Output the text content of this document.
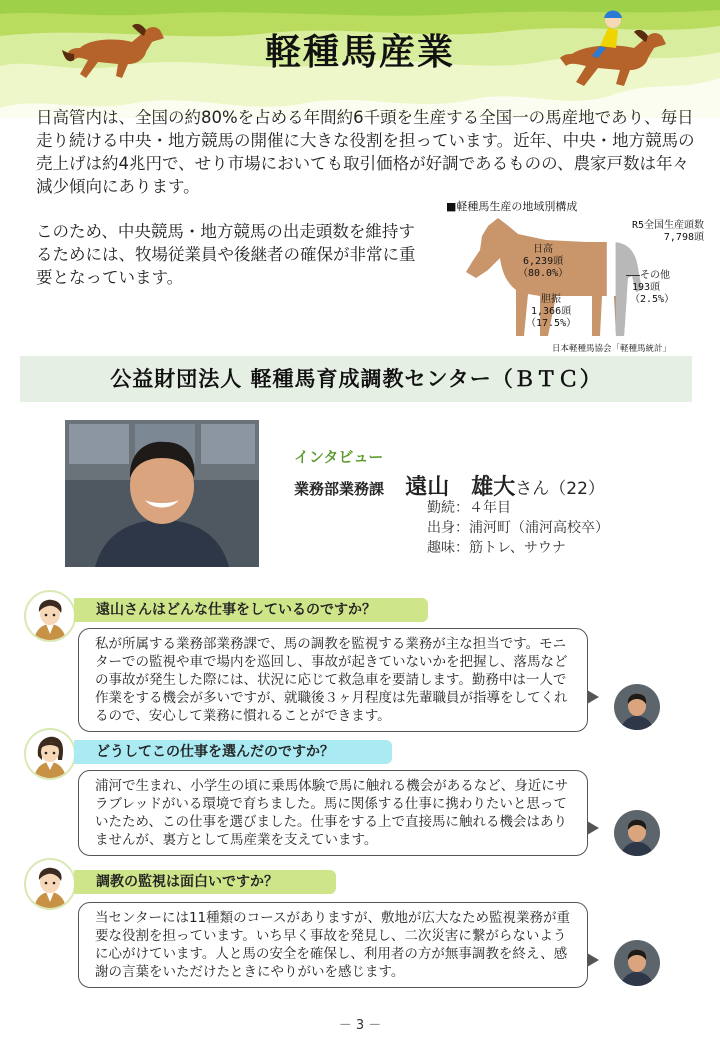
軽種馬産業
日高管内は、全国の約80%を占める年間約6千頭を生産する全国一の馬産地であり、毎日走り続ける中央・地方競馬の開催に大きな役割を担っています。近年、中央・地方競馬の売上げは約4兆円で、せり市場においても取引価格が好調であるものの、農家戸数は年々減少傾向にあります。
このため、中央競馬・地方競馬の出走頭数を維持するためには、牧場従業員や後継者の確保が非常に重要となっています。
■軽種馬生産の地域別構成
R5全国生産頭数
7,798頭
日高
6,239頭
（80.0%）
胆振
1,366頭
（17.5%）
その他
193頭
（2.5%）
日本軽種馬協会「軽種馬統計」
公益財団法人 軽種馬育成調教センター（ＢＴＣ）
インタビュー
業務部業務課 遠山　雄大さん（22）
勤続：４年目
出身：浦河町（浦河高校卒）
趣味：筋トレ、サウナ
遠山さんはどんな仕事をしているのですか？
私が所属する業務部業務課で、馬の調教を監視する業務が主な担当です。モニターでの監視や車で場内を巡回し、事故が起きていないかを把握し、落馬などの事故が発生した際には、状況に応じて救急車を要請します。勤務中は一人で作業をする機会が多いですが、就職後３ヶ月程度は先輩職員が指導をしてくれるので、安心して業務に慣れることができます。
どうしてこの仕事を選んだのですか？
浦河で生まれ、小学生の頃に乗馬体験で馬に触れる機会があるなど、身近にサラブレッドがいる環境で育ちました。馬に関係する仕事に携わりたいと思っていたため、この仕事を選びました。仕事をする上で直接馬に触れる機会はありませんが、裏方として馬産業を支えています。
調教の監視は面白いですか？
当センターには11種類のコースがありますが、敷地が広大なため監視業務が重要な役割を担っています。いち早く事故を発見し、二次災害に繋がらないように心がけています。人と馬の安全を確保し、利用者の方が無事調教を終え、感謝の言葉をいただけたときにやりがいを感じます。
－ 3 －
